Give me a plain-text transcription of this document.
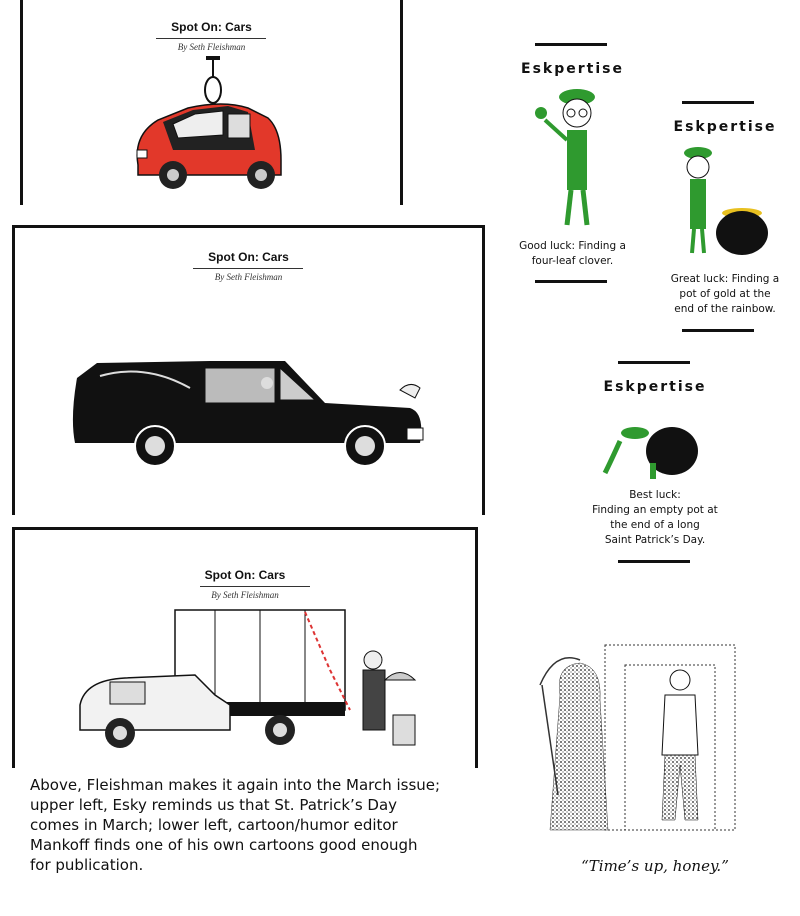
Spot On: Cars
By Seth Fleishman
Spot On: Cars
By Seth Fleishman
Spot On: Cars
By Seth Fleishman
Eskpertise
Good luck: Finding a
four-leaf clover.
Eskpertise
Great luck: Finding a
pot of gold at the
end of the rainbow.
Eskpertise
Best luck:
Finding an empty pot at
the end of a long
Saint Patrick’s Day.
“Time’s up, honey.”
Above, Fleishman makes it again into the March issue;
upper left, Esky reminds us that St. Patrick’s Day
comes in March; lower left, cartoon/humor editor
Mankoff finds one of his own cartoons good enough
for publication.
